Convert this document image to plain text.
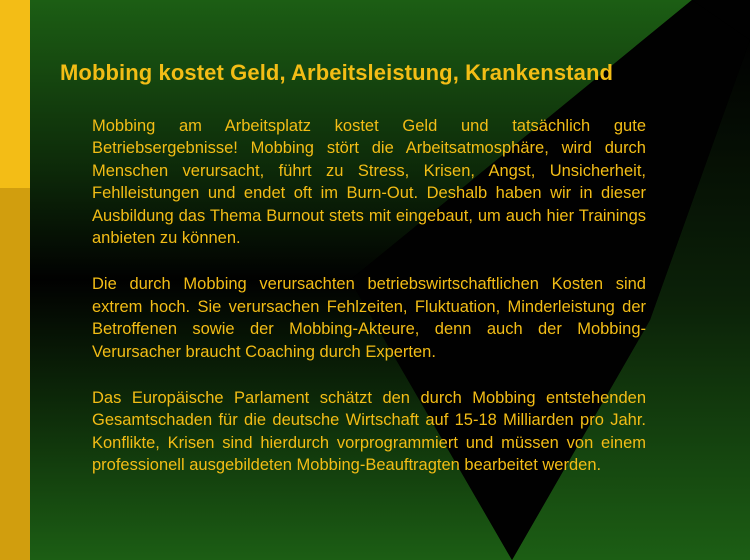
Mobbing kostet Geld, Arbeitsleistung, Krankenstand

Mobbing am Arbeitsplatz kostet Geld und tatsächlich gute Betriebsergebnisse! Mobbing stört die Arbeitsatmosphäre, wird durch Menschen verursacht, führt zu Stress, Krisen, Angst, Unsicherheit, Fehlleistungen und endet oft im Burn-Out. Deshalb haben wir in dieser Ausbildung das Thema Burnout stets mit eingebaut, um auch hier Trainings anbieten zu können.

Die durch Mobbing verursachten betriebswirtschaftlichen Kosten sind extrem hoch. Sie verursachen Fehlzeiten, Fluktuation, Minderleistung der Betroffenen sowie der Mobbing-Akteure, denn auch der Mobbing-Verursacher braucht Coaching durch Experten.

Das Europäische Parlament schätzt den durch Mobbing entstehenden Gesamtschaden für die deutsche Wirtschaft auf 15-18 Milliarden pro Jahr. Konflikte, Krisen sind hierdurch vorprogrammiert und müssen von einem professionell ausgebildeten Mobbing-Beauftragten bearbeitet werden.
